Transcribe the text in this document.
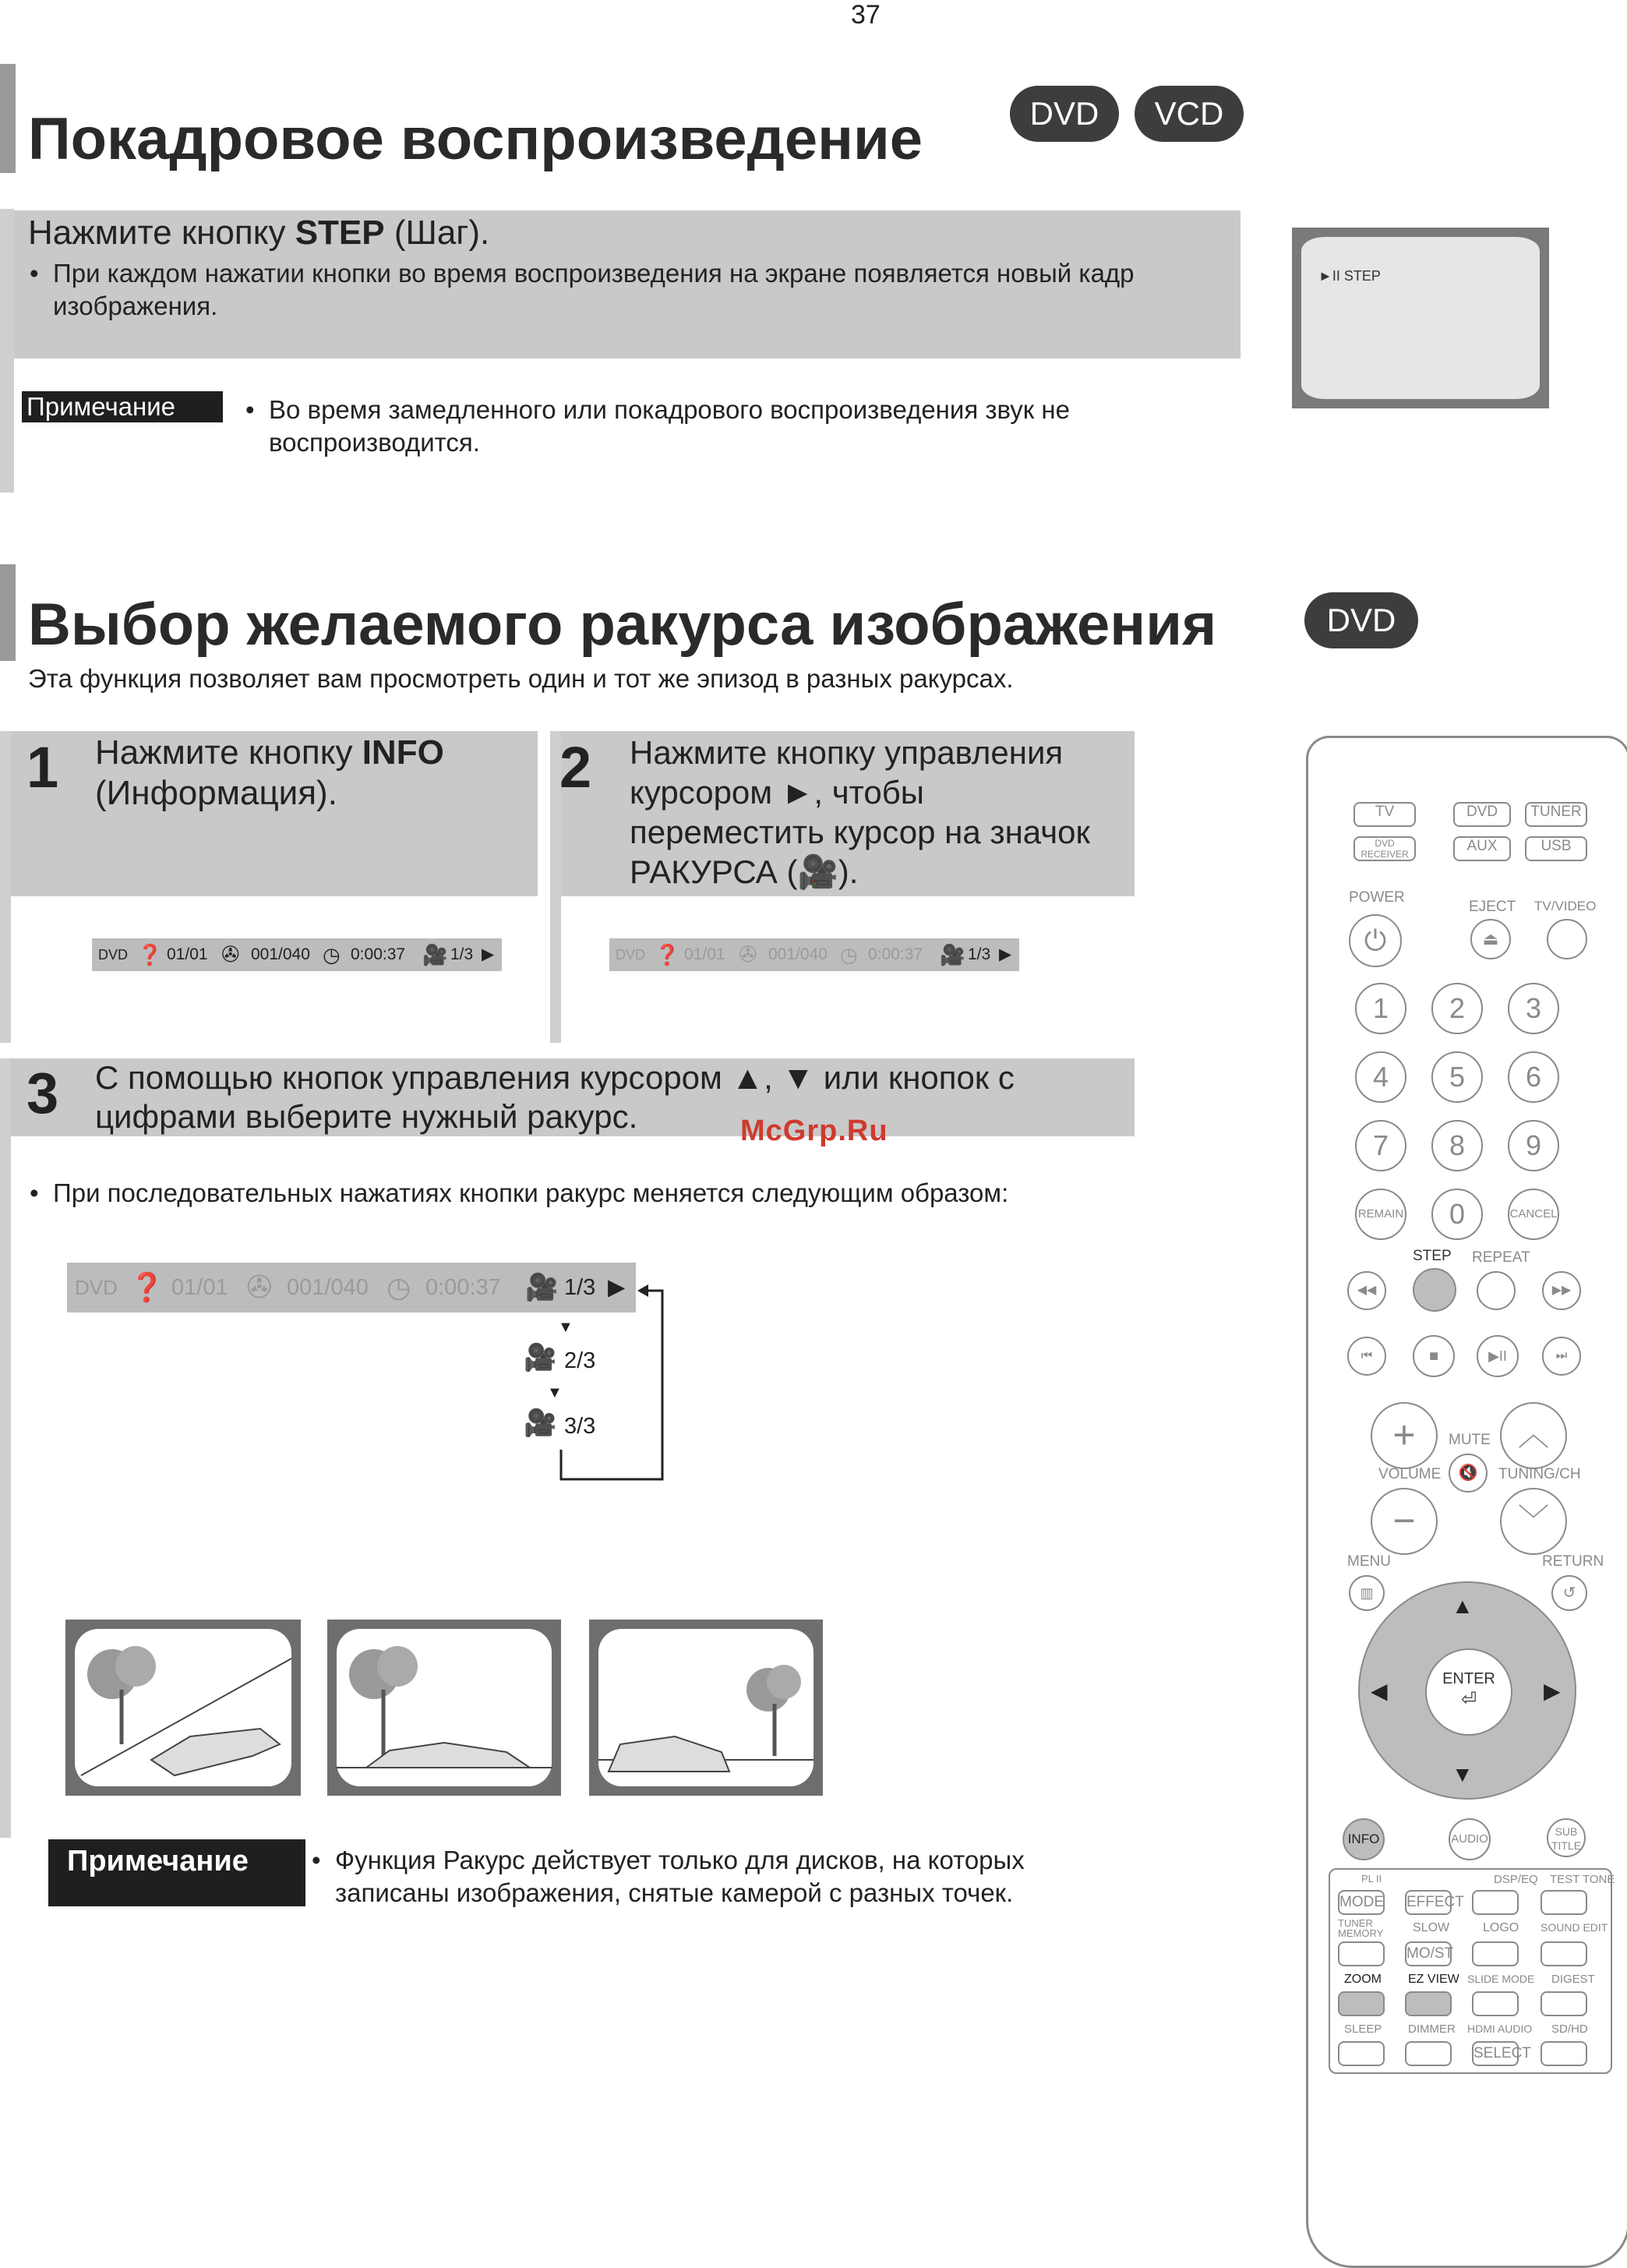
37
Покадровое воспроизведение	DVD	VCD
Нажмите кнопку STEP (Шаг).
• При каждом нажатии кнопки во время воспроизведения на экране появляется новый кадр изображения.
Примечание	• Во время замедленного или покадрового воспроизведения звук не воспроизводится.
►II STEP
Выбор желаемого ракурса изображения	DVD
Эта функция позволяет вам просмотреть один и тот же эпизод в разных ракурсах.
1 Нажмите кнопку INFO
(Информация).
DVD ❓ 01/01 ✇ 001/040 ◷ 0:00:37 🎥 1/3 ▶
2 Нажмите кнопку управления
курсором ►, чтобы
переместить курсор на значок
РАКУРСА (🎥).
DVD ❓ 01/01 ✇ 001/040 ◷ 0:00:37 🎥 1/3 ▶
3 С помощью кнопок управления курсором ▲, ▼ или кнопок с
цифрами выберите нужный ракурс.	McGrp.Ru
• При последовательных нажатиях кнопки ракурс меняется следующим образом:
DVD ❓ 01/01 ✇ 001/040 ◷ 0:00:37 🎥 1/3 ▶
▼
🎥 2/3
▼
🎥 3/3
Примечание	• Функция Ракурс действует только для дисков, на которых записаны изображения, снятые камерой с разных точек.
TV	DVD	TUNER
DVD RECEIVER	AUX	USB
POWER
EJECT TV/VIDEO
⏻	⏏
1	2	3
4	5	6
7	8	9
REMAIN	0	CANCEL
STEP REPEAT
◀◀	▶▶
⏮	■	▶II	⏭
+	︿
MUTE
🔇
VOLUME	TUNING/CH
−	﹀
MENU	RETURN
▥	↺
▲
▼
◀	▶
ENTER
⏎
INFO	AUDIO
SUB TITLE
PL II	DSP/EQ TEST TONE
MODE EFFECT
TUNER MEMORY SLOW	LOGO SOUND EDIT
MO/ST
ZOOM EZ VIEW SLIDE MODE DIGEST
SLEEP DIMMER HDMI AUDIO SD/HD
SELECT
